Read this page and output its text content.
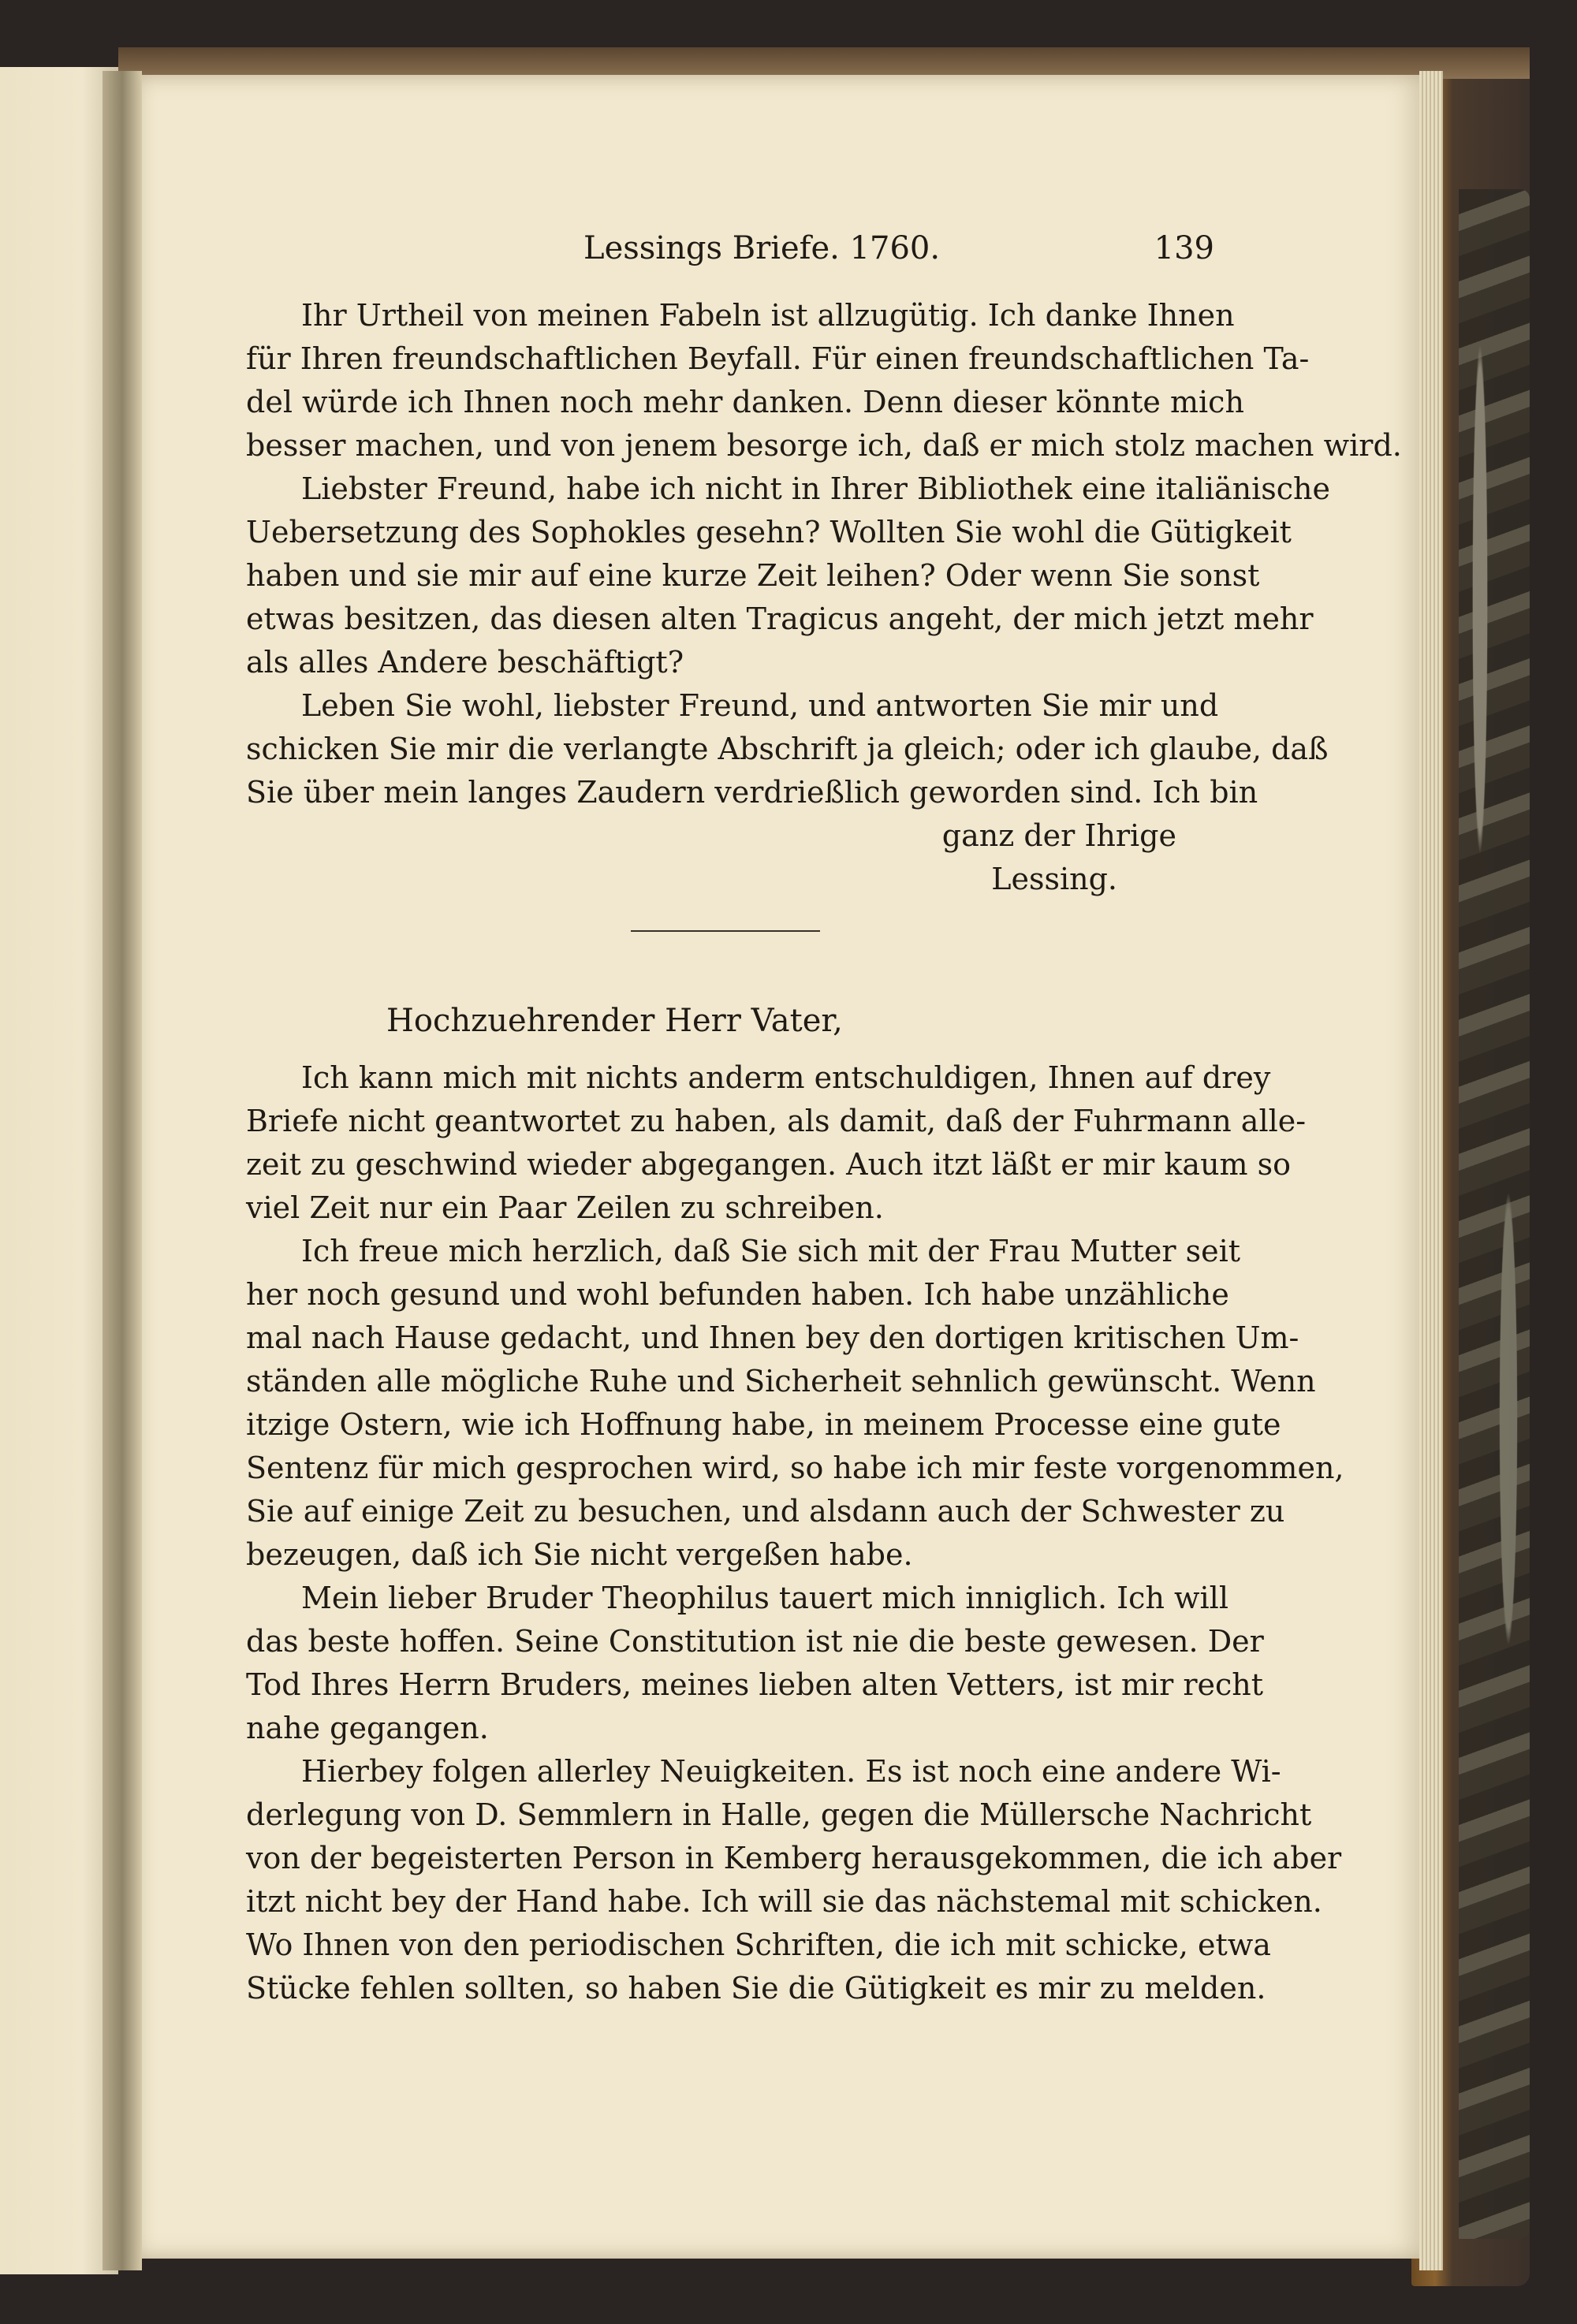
Lessings Briefe. 1760.	139
Ihr Urtheil von meinen Fabeln ist allzugütig. Ich danke Ihnen
für Ihren freundschaftlichen Beyfall. Für einen freundschaftlichen Ta-
del würde ich Ihnen noch mehr danken. Denn dieser könnte mich
besser machen, und von jenem besorge ich, daß er mich stolz machen wird.
Liebster Freund, habe ich nicht in Ihrer Bibliothek eine italiänische
Uebersetzung des Sophokles gesehn? Wollten Sie wohl die Gütigkeit
haben und sie mir auf eine kurze Zeit leihen? Oder wenn Sie sonst
etwas besitzen, das diesen alten Tragicus angeht, der mich jetzt mehr
als alles Andere beschäftigt?
Leben Sie wohl, liebster Freund, und antworten Sie mir und
schicken Sie mir die verlangte Abschrift ja gleich; oder ich glaube, daß
Sie über mein langes Zaudern verdrießlich geworden sind. Ich bin
ganz der Ihrige
Lessing.
Hochzuehrender Herr Vater,
Ich kann mich mit nichts anderm entschuldigen, Ihnen auf drey
Briefe nicht geantwortet zu haben, als damit, daß der Fuhrmann alle-
zeit zu geschwind wieder abgegangen. Auch itzt läßt er mir kaum so
viel Zeit nur ein Paar Zeilen zu schreiben.
Ich freue mich herzlich, daß Sie sich mit der Frau Mutter seit
her noch gesund und wohl befunden haben. Ich habe unzähliche
mal nach Hause gedacht, und Ihnen bey den dortigen kritischen Um-
ständen alle mögliche Ruhe und Sicherheit sehnlich gewünscht. Wenn
itzige Ostern, wie ich Hoffnung habe, in meinem Processe eine gute
Sentenz für mich gesprochen wird, so habe ich mir feste vorgenommen,
Sie auf einige Zeit zu besuchen, und alsdann auch der Schwester zu
bezeugen, daß ich Sie nicht vergeßen habe.
Mein lieber Bruder Theophilus tauert mich inniglich. Ich will
das beste hoffen. Seine Constitution ist nie die beste gewesen. Der
Tod Ihres Herrn Bruders, meines lieben alten Vetters, ist mir recht
nahe gegangen.
Hierbey folgen allerley Neuigkeiten. Es ist noch eine andere Wi-
derlegung von D. Semmlern in Halle, gegen die Müllersche Nachricht
von der begeisterten Person in Kemberg herausgekommen, die ich aber
itzt nicht bey der Hand habe. Ich will sie das nächstemal mit schicken.
Wo Ihnen von den periodischen Schriften, die ich mit schicke, etwa
Stücke fehlen sollten, so haben Sie die Gütigkeit es mir zu melden.
